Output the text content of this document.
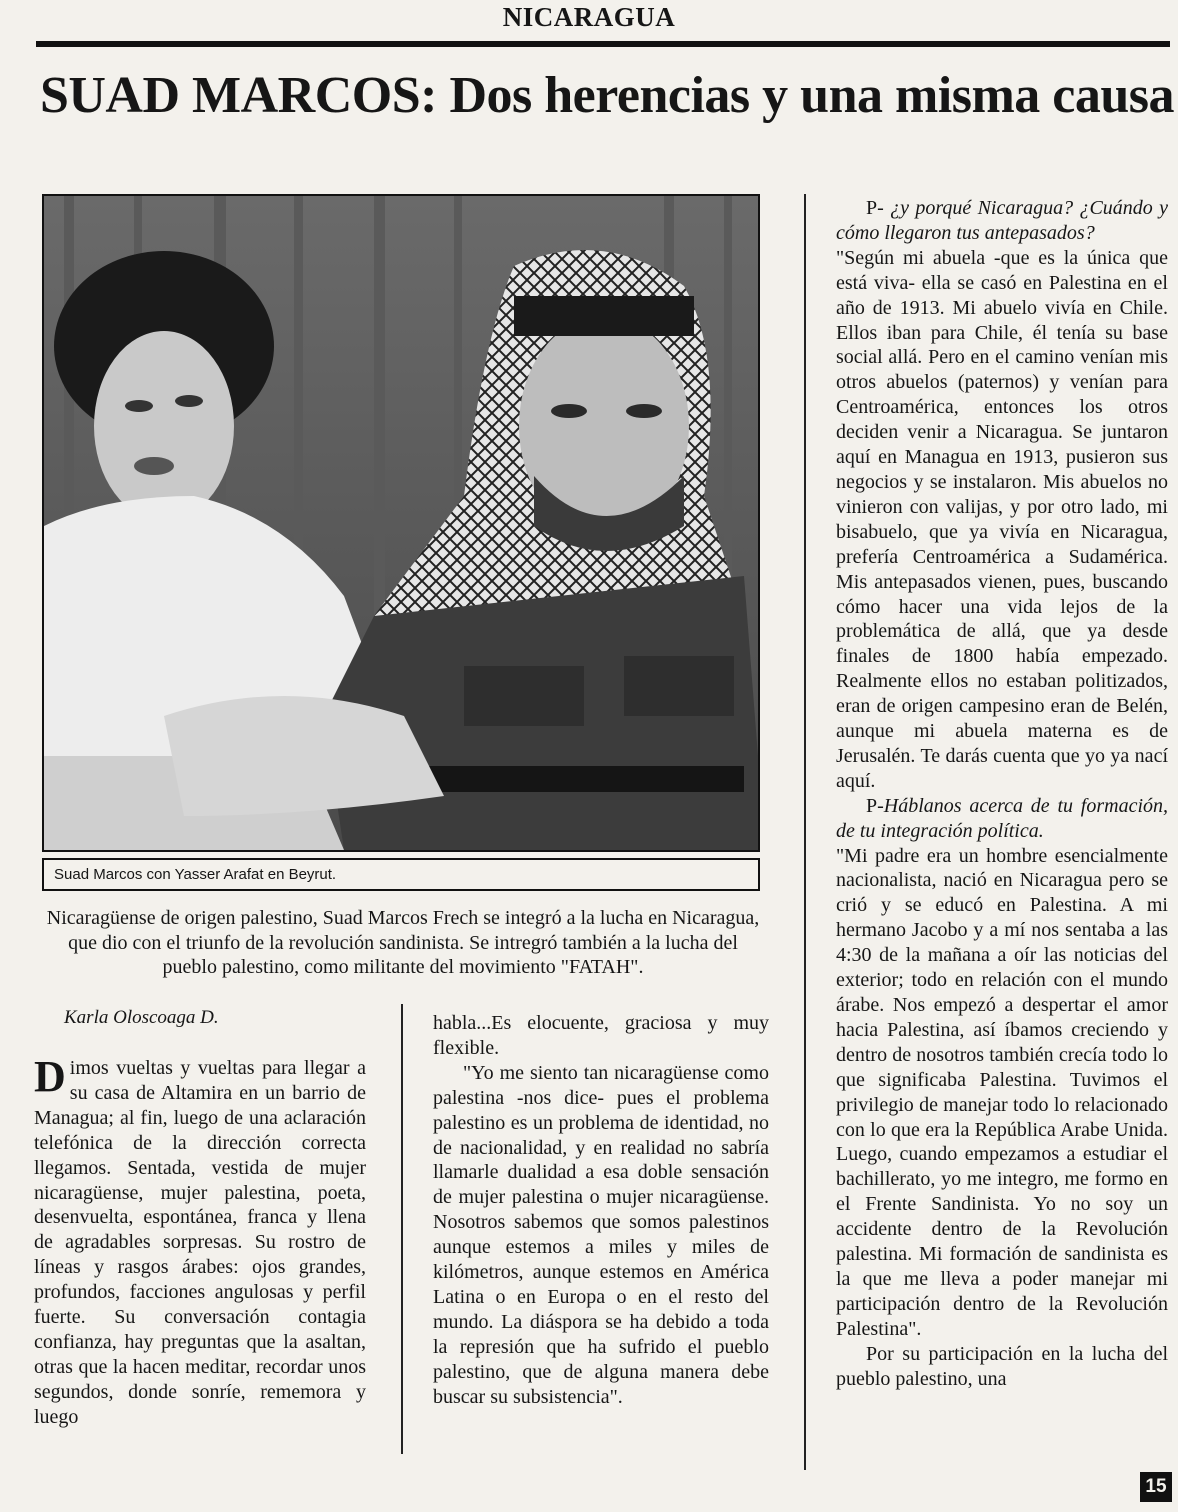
NICARAGUA
SUAD MARCOS: Dos herencias y una misma causa
Suad Marcos con Yasser Arafat en Beyrut.
Nicaragüense de origen palestino, Suad Marcos Frech se integró a la lucha en Nicaragua, que dio con el triunfo de la revolución sandinista. Se intregró también a la lucha del pueblo palestino, como militante del movimiento "FATAH".
Karla Oloscoaga D.

Dimos vueltas y vueltas para llegar a su casa de Altamira en un barrio de Managua; al fin, luego de una aclaración telefónica de la dirección correcta llegamos. Sentada, vestida de mujer nicaragüense, mujer palestina, poeta, desenvuelta, espontánea, franca y llena de agradables sorpresas. Su rostro de líneas y rasgos árabes: ojos grandes, profundos, facciones angulosas y perfil fuerte. Su conversación contagia confianza, hay preguntas que la asaltan, otras que la hacen meditar, recordar unos segundos, donde sonríe, rememora y luego

habla...Es elocuente, graciosa y muy flexible.

"Yo me siento tan nicaragüense como palestina -nos dice- pues el problema palestino es un problema de identidad, no de nacionalidad, y en realidad no sabría llamarle dualidad a esa doble sensación de mujer palestina o mujer nicaragüense. Nosotros sabemos que somos palestinos aunque estemos a miles y miles de kilómetros, aunque estemos en América Latina o en Europa o en el resto del mundo. La diáspora se ha debido a toda la represión que ha sufrido el pueblo palestino, que de alguna manera debe buscar su subsistencia".

P- ¿y porqué Nicaragua? ¿Cuándo y cómo llegaron tus antepasados?

"Según mi abuela -que es la única que está viva- ella se casó en Palestina en el año de 1913. Mi abuelo vivía en Chile. Ellos iban para Chile, él tenía su base social allá. Pero en el camino venían mis otros abuelos (paternos) y venían para Centroamérica, entonces los otros deciden venir a Nicaragua. Se juntaron aquí en Managua en 1913, pusieron sus negocios y se instalaron. Mis abuelos no vinieron con valijas, y por otro lado, mi bisabuelo, que ya vivía en Nicaragua, prefería Centroamérica a Sudamérica. Mis antepasados vienen, pues, buscando cómo hacer una vida lejos de la problemática de allá, que ya desde finales de 1800 había empezado. Realmente ellos no estaban politizados, eran de origen campesino eran de Belén, aunque mi abuela materna es de Jerusalén. Te darás cuenta que yo ya nací aquí.

P-Háblanos acerca de tu formación, de tu integración política.

"Mi padre era un hombre esencialmente nacionalista, nació en Nicaragua pero se crió y se educó en Palestina. A mi hermano Jacobo y a mí nos sentaba a las 4:30 de la mañana a oír las noticias del exterior; todo en relación con el mundo árabe. Nos empezó a despertar el amor hacia Palestina, así íbamos creciendo y dentro de nosotros también crecía todo lo que significaba Palestina. Tuvimos el privilegio de manejar todo lo relacionado con lo que era la República Arabe Unida. Luego, cuando empezamos a estudiar el bachillerato, yo me integro, me formo en el Frente Sandinista. Yo no soy un accidente dentro de la Revolución palestina. Mi formación de sandinista es la que me lleva a poder manejar mi participación dentro de la Revolución Palestina".

Por su participación en la lucha del pueblo palestino, una

15
